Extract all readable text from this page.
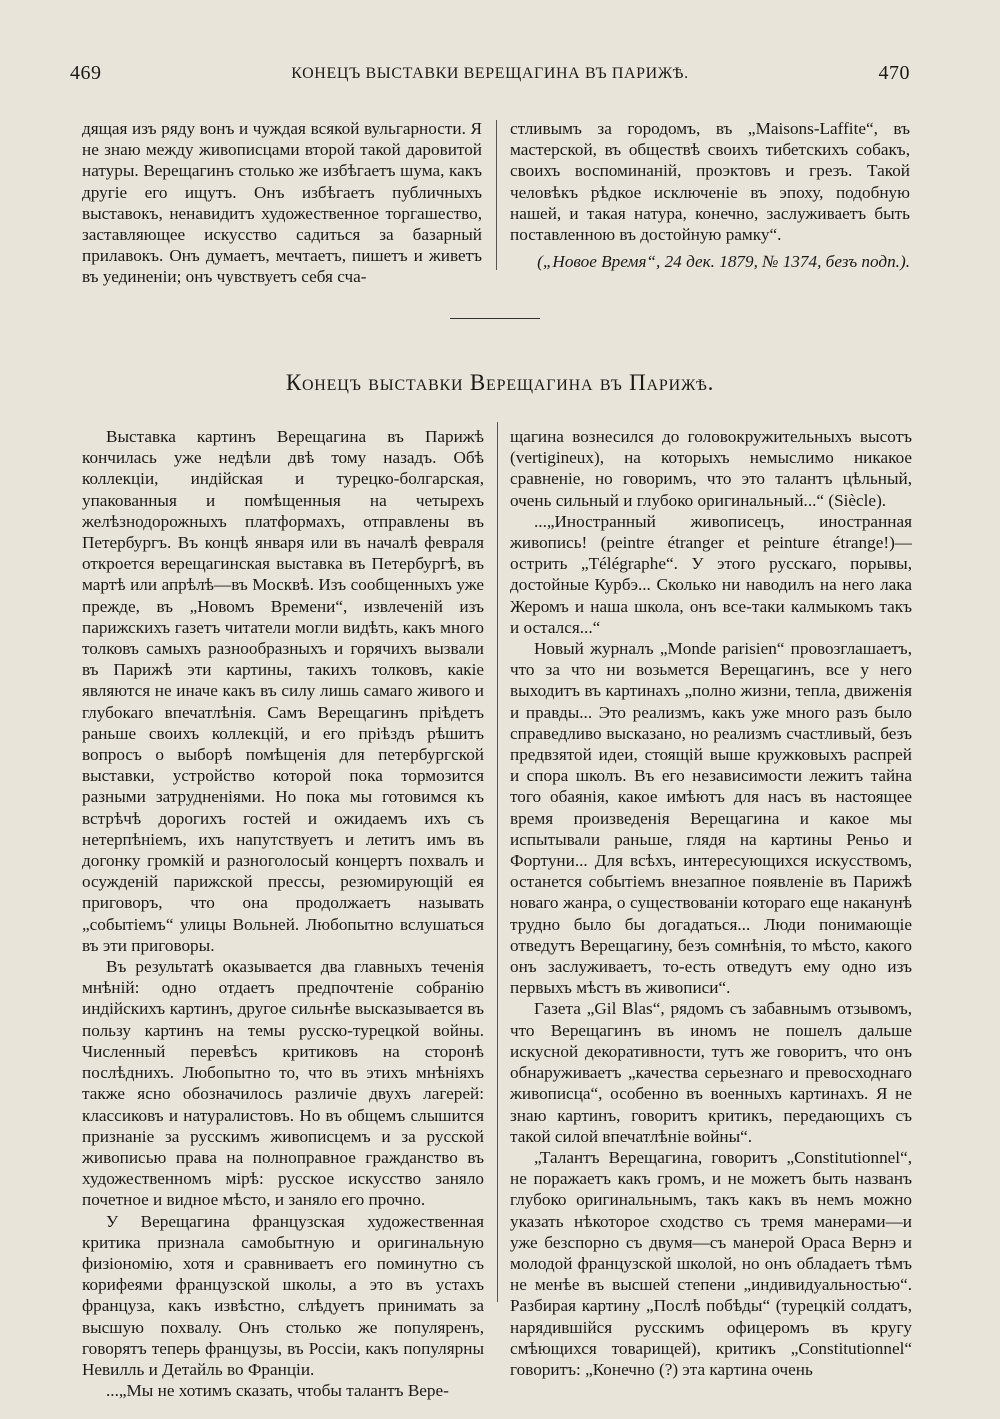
469	КОНЕЦЪ ВЫСТАВКИ ВЕРЕЩАГИНА ВЪ ПАРИЖѢ.	470

дящая изъ ряду вонъ и чуждая всякой вульгарности. Я не знаю между живописцами второй такой даровитой натуры. Верещагинъ столько же избѣгаетъ шума, какъ другіе его ищутъ. Онъ избѣгаетъ публичныхъ выставокъ, ненавидитъ художественное торгашество, заставляющее искусство садиться за базарный прилавокъ. Онъ думаетъ, мечтаетъ, пишетъ и живетъ въ уединеніи; онъ чувствуетъ себя сча-

стливымъ за городомъ, въ „Maisons-Laffite“, въ мастерской, въ обществѣ своихъ тибетскихъ собакъ, своихъ воспоминаній, проэктовъ и грезъ. Такой человѣкъ рѣдкое исключеніе въ эпоху, подобную нашей, и такая натура, конечно, заслуживаетъ быть поставленною въ достойную рамку“.

(„Новое Время“, 24 дек. 1879, № 1374, безъ подп.).

Конецъ выставки Верещагина въ Парижѣ.

Выставка картинъ Верещагина въ Парижѣ кончилась уже недѣли двѣ тому назадъ. Обѣ коллекціи, индійская и турецко-болгарская, упакованныя и помѣщенныя на четырехъ желѣзнодорожныхъ платформахъ, отправлены въ Петербургъ. Въ концѣ января или въ началѣ февраля откроется верещагинская выставка въ Петербургѣ, въ мартѣ или апрѣлѣ—въ Москвѣ. Изъ сообщенныхъ уже прежде, въ „Новомъ Времени“, извлеченій изъ парижскихъ газетъ читатели могли видѣть, какъ много толковъ самыхъ разнообразныхъ и горячихъ вызвали въ Парижѣ эти картины, такихъ толковъ, какіе являются не иначе какъ въ силу лишь самаго живого и глубокаго впечатлѣнія. Самъ Верещагинъ пріѣдетъ раньше своихъ коллекцій, и его пріѣздъ рѣшитъ вопросъ о выборѣ помѣщенія для петербургской выставки, устройство которой пока тормозится разными затрудненіями. Но пока мы готовимся къ встрѣчѣ дорогихъ гостей и ожидаемъ ихъ съ нетерпѣніемъ, ихъ напутствуетъ и летитъ имъ въ догонку громкій и разноголосый концертъ похвалъ и осужденій парижской прессы, резюмирующій ея приговоръ, что она продолжаетъ называть „событіемъ“ улицы Вольней. Любопытно вслушаться въ эти приговоры.

Въ результатѣ оказывается два главныхъ теченія мнѣній: одно отдаетъ предпочтеніе собранію индійскихъ картинъ, другое сильнѣе высказывается въ пользу картинъ на темы русско-турецкой войны. Численный перевѣсъ критиковъ на сторонѣ послѣднихъ. Любопытно то, что въ этихъ мнѣніяхъ также ясно обозначилось различіе двухъ лагерей: классиковъ и натуралистовъ. Но въ общемъ слышится признаніе за русскимъ живописцемъ и за русской живописью права на полноправное гражданство въ художественномъ мірѣ: русское искусство заняло почетное и видное мѣсто, и заняло его прочно.

У Верещагина французская художественная критика признала самобытную и оригинальную физіономію, хотя и сравниваетъ его поминутно съ корифеями французской школы, а это въ устахъ француза, какъ извѣстно, слѣдуетъ принимать за высшую похвалу. Онъ столько же популяренъ, говорятъ теперь французы, въ Россіи, какъ популярны Невилль и Детайль во Франціи.

...„Мы не хотимъ сказать, чтобы талантъ Вере-

щагина вознесился до головокружительныхъ высотъ (vertigineux), на которыхъ немыслимо никакое сравненіе, но говоримъ, что это талантъ цѣльный, очень сильный и глубоко оригинальный...“ (Siècle).

...„Иностранный живописецъ, иностранная живопись! (peintre étranger et peinture étrange!)—острить „Télégraphe“. У этого русскаго, порывы, достойные Курбэ... Сколько ни наводилъ на него лака Жеромъ и наша школа, онъ все-таки калмыкомъ такъ и остался...“

Новый журналъ „Monde parisien“ провозглашаетъ, что за что ни возьмется Верещагинъ, все у него выходитъ въ картинахъ „полно жизни, тепла, движенія и правды... Это реализмъ, какъ уже много разъ было справедливо высказано, но реализмъ счастливый, безъ предвзятой идеи, стоящій выше кружковыхъ распрей и спора школъ. Въ его независимости лежитъ тайна того обаянія, какое имѣютъ для насъ въ настоящее время произведенія Верещагина и какое мы испытывали раньше, глядя на картины Реньо и Фортуни... Для всѣхъ, интересующихся искусствомъ, останется событіемъ внезапное появленіе въ Парижѣ новаго жанра, о существованіи котораго еще наканунѣ трудно было бы догадаться... Люди понимающіе отведутъ Верещагину, безъ сомнѣнія, то мѣсто, какого онъ заслуживаетъ, то-есть отведутъ ему одно изъ первыхъ мѣстъ въ живописи“.

Газета „Gil Blas“, рядомъ съ забавнымъ отзывомъ, что Верещагинъ въ иномъ не пошелъ дальше искусной декоративности, тутъ же говоритъ, что онъ обнаруживаетъ „качества серьезнаго и превосходнаго живописца“, особенно въ военныхъ картинахъ. Я не знаю картинъ, говоритъ критикъ, передающихъ съ такой силой впечатлѣніе войны“.

„Талантъ Верещагина, говоритъ „Constitutionnel“, не поражаетъ какъ громъ, и не можетъ быть названъ глубоко оригинальнымъ, такъ какъ въ немъ можно указать нѣкоторое сходство съ тремя манерами—и уже безспорно съ двумя—съ манерой Ораса Вернэ и молодой французской школой, но онъ обладаетъ тѣмъ не менѣе въ высшей степени „индивидуальностью“. Разбирая картину „Послѣ побѣды“ (турецкій солдатъ, нарядившійся русскимъ офицеромъ въ кругу смѣющихся товарищей), критикъ „Constitutionnel“ говоритъ: „Конечно (?) эта картина очень
